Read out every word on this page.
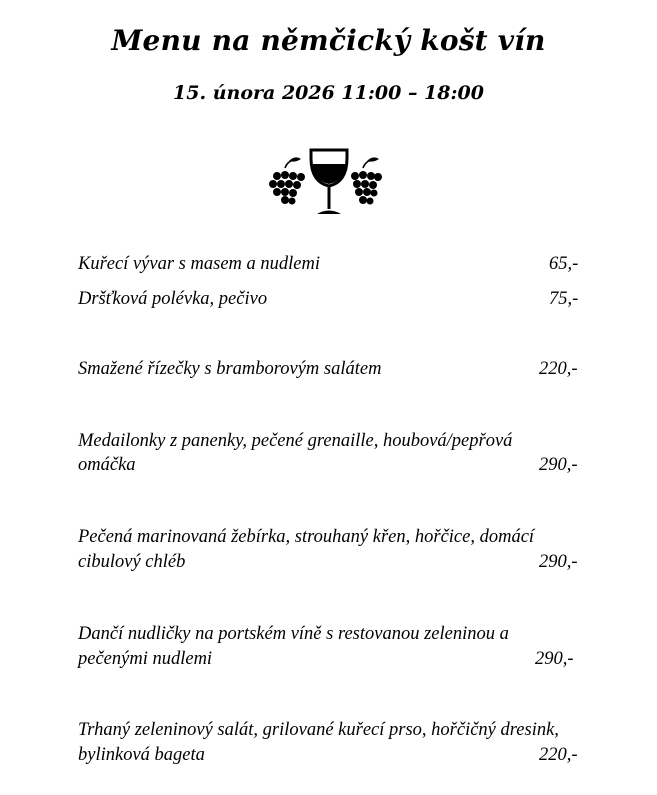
Menu na němčický košt vín
15. února 2026 11:00 – 18:00
Kuřecí vývar s masem a nudlemi	65,-
Dršťková polévka, pečivo	75,-
Smažené řízečky s bramborovým salátem	220,-
Medailonky z panenky, pečené grenaille, houbová/pepřová
omáčka	290,-
Pečená marinovaná žebírka, strouhaný křen, hořčice, domácí
cibulový chléb	290,-
Dančí nudličky na portském víně s restovanou zeleninou a
pečenými nudlemi	290,-
Trhaný zeleninový salát, grilované kuřecí prso, hořčičný dresink,
bylinková bageta	220,-
